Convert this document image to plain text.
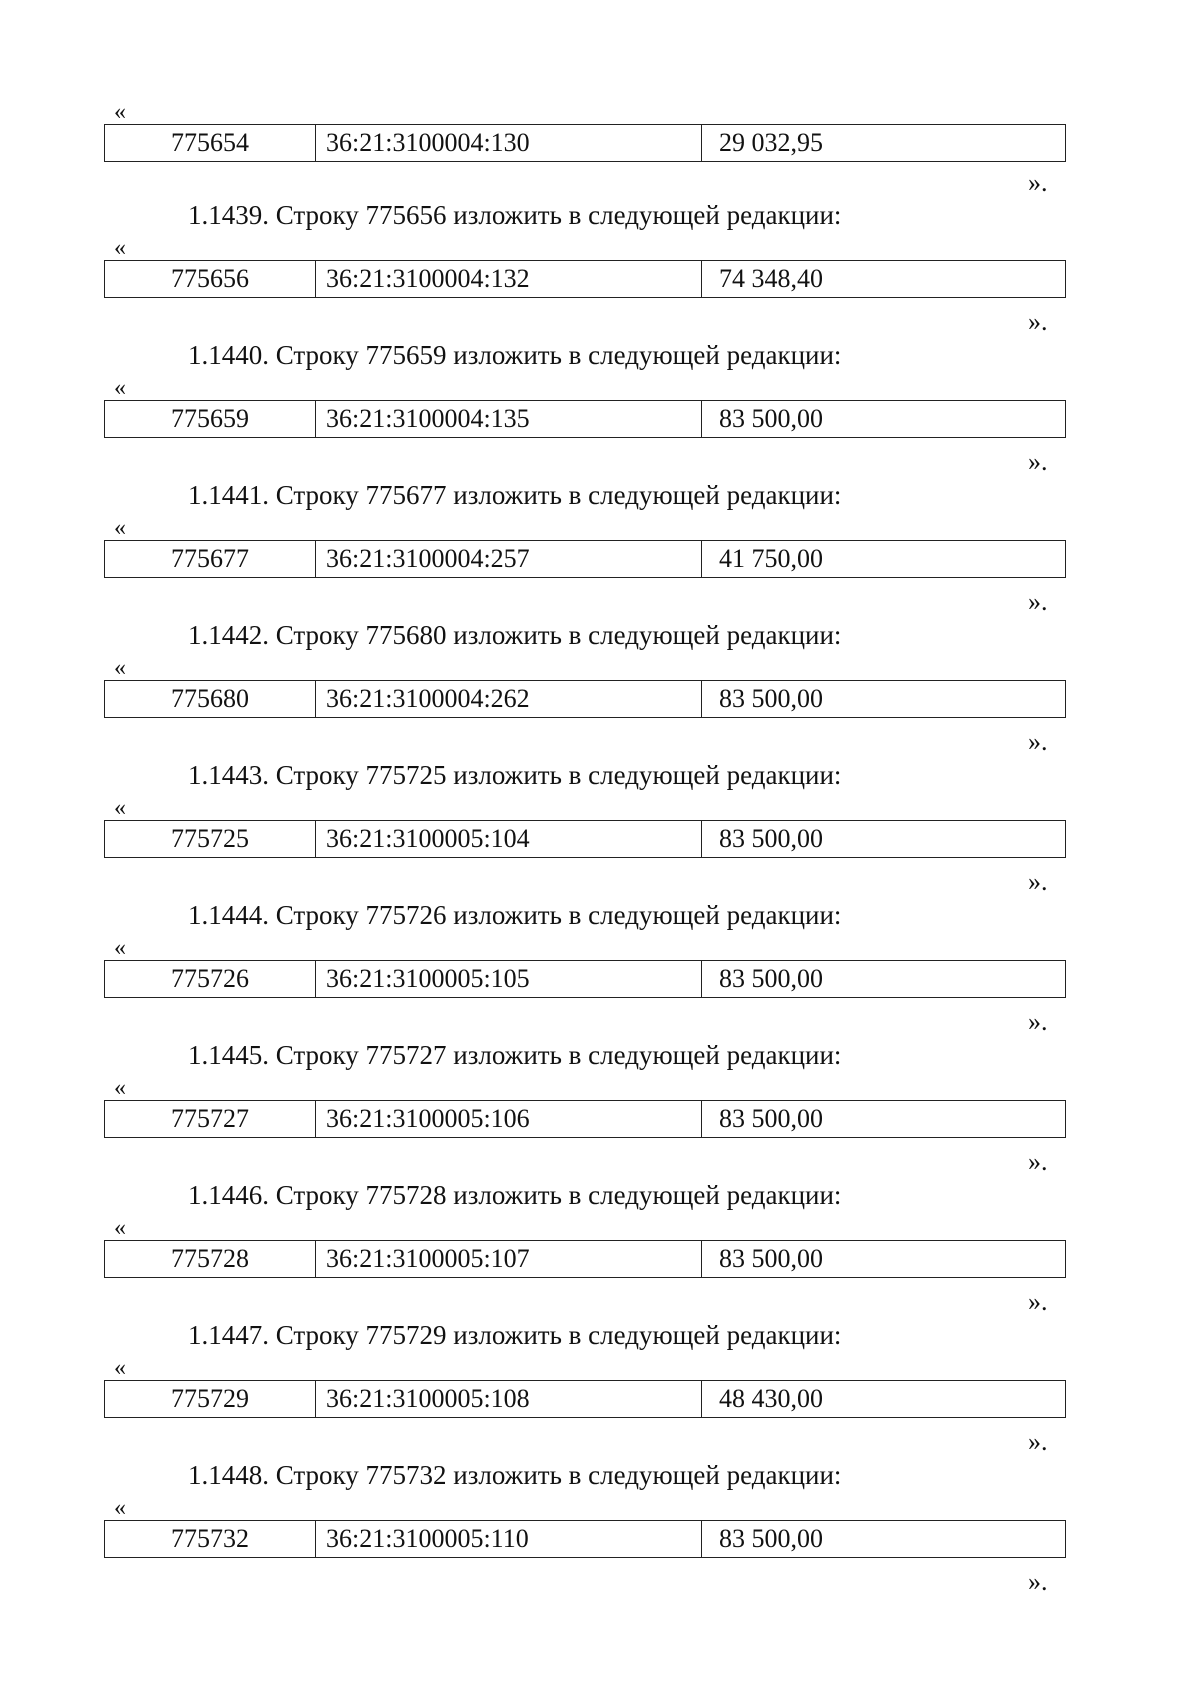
«
775654	36:21:3100004:130	29 032,95
».
1.1439. Строку 775656 изложить в следующей редакции:
«
775656	36:21:3100004:132	74 348,40
».
1.1440. Строку 775659 изложить в следующей редакции:
«
775659	36:21:3100004:135	83 500,00
».
1.1441. Строку 775677 изложить в следующей редакции:
«
775677	36:21:3100004:257	41 750,00
».
1.1442. Строку 775680 изложить в следующей редакции:
«
775680	36:21:3100004:262	83 500,00
».
1.1443. Строку 775725 изложить в следующей редакции:
«
775725	36:21:3100005:104	83 500,00
».
1.1444. Строку 775726 изложить в следующей редакции:
«
775726	36:21:3100005:105	83 500,00
».
1.1445. Строку 775727 изложить в следующей редакции:
«
775727	36:21:3100005:106	83 500,00
».
1.1446. Строку 775728 изложить в следующей редакции:
«
775728	36:21:3100005:107	83 500,00
».
1.1447. Строку 775729 изложить в следующей редакции:
«
775729	36:21:3100005:108	48 430,00
».
1.1448. Строку 775732 изложить в следующей редакции:
«
775732	36:21:3100005:110	83 500,00
».
